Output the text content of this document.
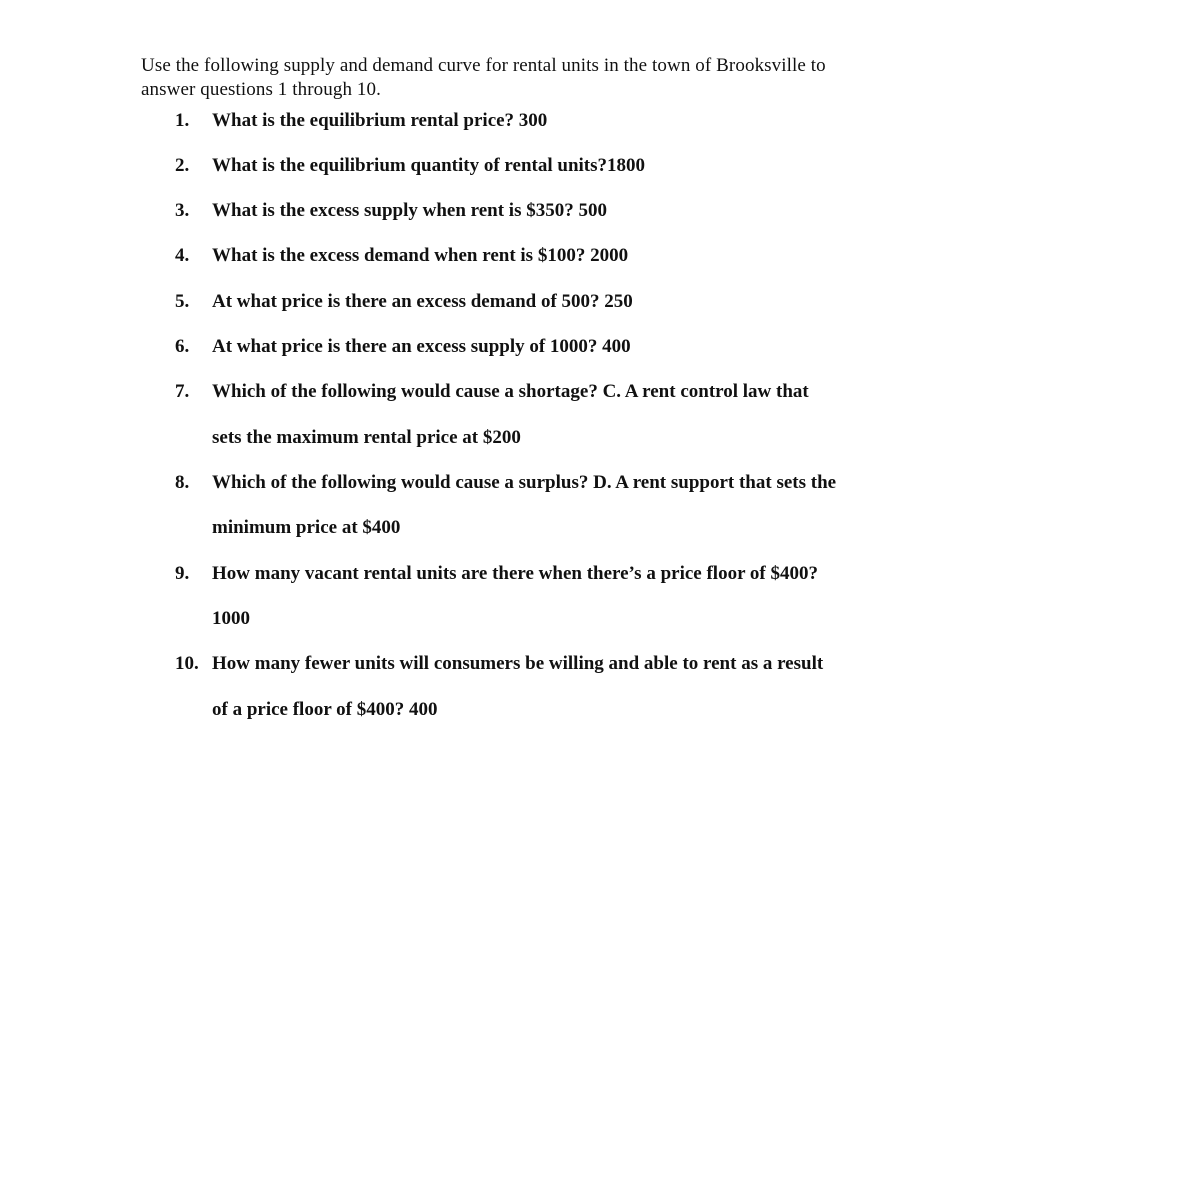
Use the following supply and demand curve for rental units in the town of Brooksville to
answer questions 1 through 10.

1.	What is the equilibrium rental price? 300
2.	What is the equilibrium quantity of rental units?1800
3.	What is the excess supply when rent is $350? 500
4.	What is the excess demand when rent is $100? 2000
5.	At what price is there an excess demand of 500? 250
6.	At what price is there an excess supply of 1000? 400
7.	Which of the following would cause a shortage? C. A rent control law that
sets the maximum rental price at $200
8.	Which of the following would cause a surplus? D. A rent support that sets the
minimum price at $400
9.	How many vacant rental units are there when there’s a price floor of $400?
1000
10. How many fewer units will consumers be willing and able to rent as a result
of a price floor of $400? 400
